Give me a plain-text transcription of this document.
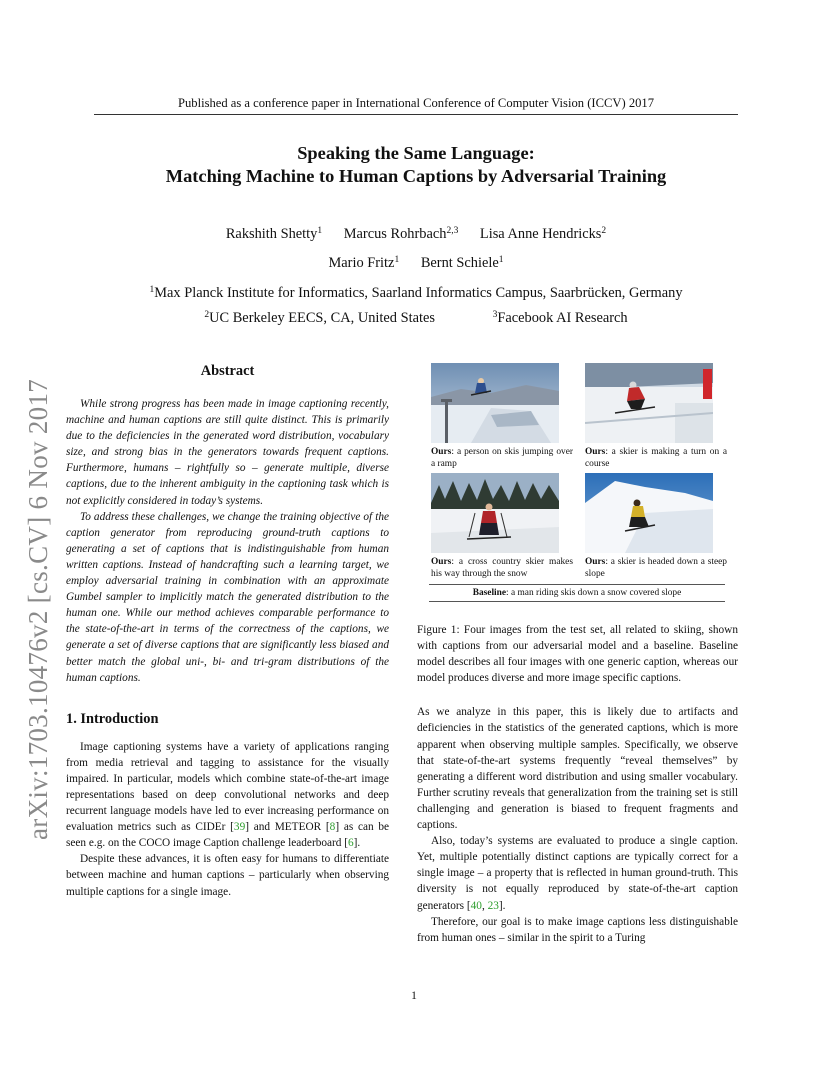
Published as a conference paper in International Conference of Computer Vision (ICCV) 2017
arXiv:1703.10476v2 [cs.CV] 6 Nov 2017
Speaking the Same Language:
Matching Machine to Human Captions by Adversarial Training
Rakshith Shetty$^1$ Marcus Rohrbach$^{2,3}$ Lisa Anne Hendricks$^2$
Mario Fritz$^1$ Bernt Schiele$^1$
$^1$Max Planck Institute for Informatics, Saarland Informatics Campus, Saarbrücken, Germany
$^2$UC Berkeley EECS, CA, United States	$^3$Facebook AI Research
Abstract

While strong progress has been made in image captioning recently, machine and human captions are still quite distinct. This is primarily due to the deficiencies in the generated word distribution, vocabulary size, and strong bias in the generators towards frequent captions. Furthermore, humans – rightfully so – generate multiple, diverse captions, due to the inherent ambiguity in the captioning task which is not explicitly considered in today’s systems.

To address these challenges, we change the training objective of the caption generator from reproducing ground-truth captions to generating a set of captions that is indistinguishable from human written captions. Instead of handcrafting such a learning target, we employ adversarial training in combination with an approximate Gumbel sampler to implicitly match the generated distribution to the human one. While our method achieves comparable performance to the state-of-the-art in terms of the correctness of the captions, we generate a set of diverse captions that are significantly less biased and better match the global uni-, bi- and tri-gram distributions of the human captions.

1. Introduction

Image captioning systems have a variety of applications ranging from media retrieval and tagging to assistance for the visually impaired. In particular, models which combine state-of-the-art image representations based on deep convolutional networks and deep recurrent language models have led to ever increasing performance on evaluation metrics such as CIDEr [39] and METEOR [8] as can be seen e.g. on the COCO image Caption challenge leaderboard [6].

Despite these advances, it is often easy for humans to differentiate between machine and human captions – particularly when observing multiple captions for a single image.

Ours: a person on skis jumping over a ramp
Ours: a skier is making a turn on a course
Ours: a cross country skier makes his way through the snow
Ours: a skier is headed down a steep slope
Baseline: a man riding skis down a snow covered slope
Figure 1: Four images from the test set, all related to skiing, shown with captions from our adversarial model and a baseline. Baseline model describes all four images with one generic caption, whereas our model produces diverse and more image specific captions.

As we analyze in this paper, this is likely due to artifacts and deficiencies in the statistics of the generated captions, which is more apparent when observing multiple samples. Specifically, we observe that state-of-the-art systems frequently “reveal themselves” by generating a different word distribution and using smaller vocabulary. Further scrutiny reveals that generalization from the training set is still challenging and generation is biased to frequent fragments and captions.

Also, today’s systems are evaluated to produce a single caption. Yet, multiple potentially distinct captions are typically correct for a single image – a property that is reflected in human ground-truth. This diversity is not equally reproduced by state-of-the-art caption generators [40, 23].

Therefore, our goal is to make image captions less distinguishable from human ones – similar in the spirit to a Turing

1
